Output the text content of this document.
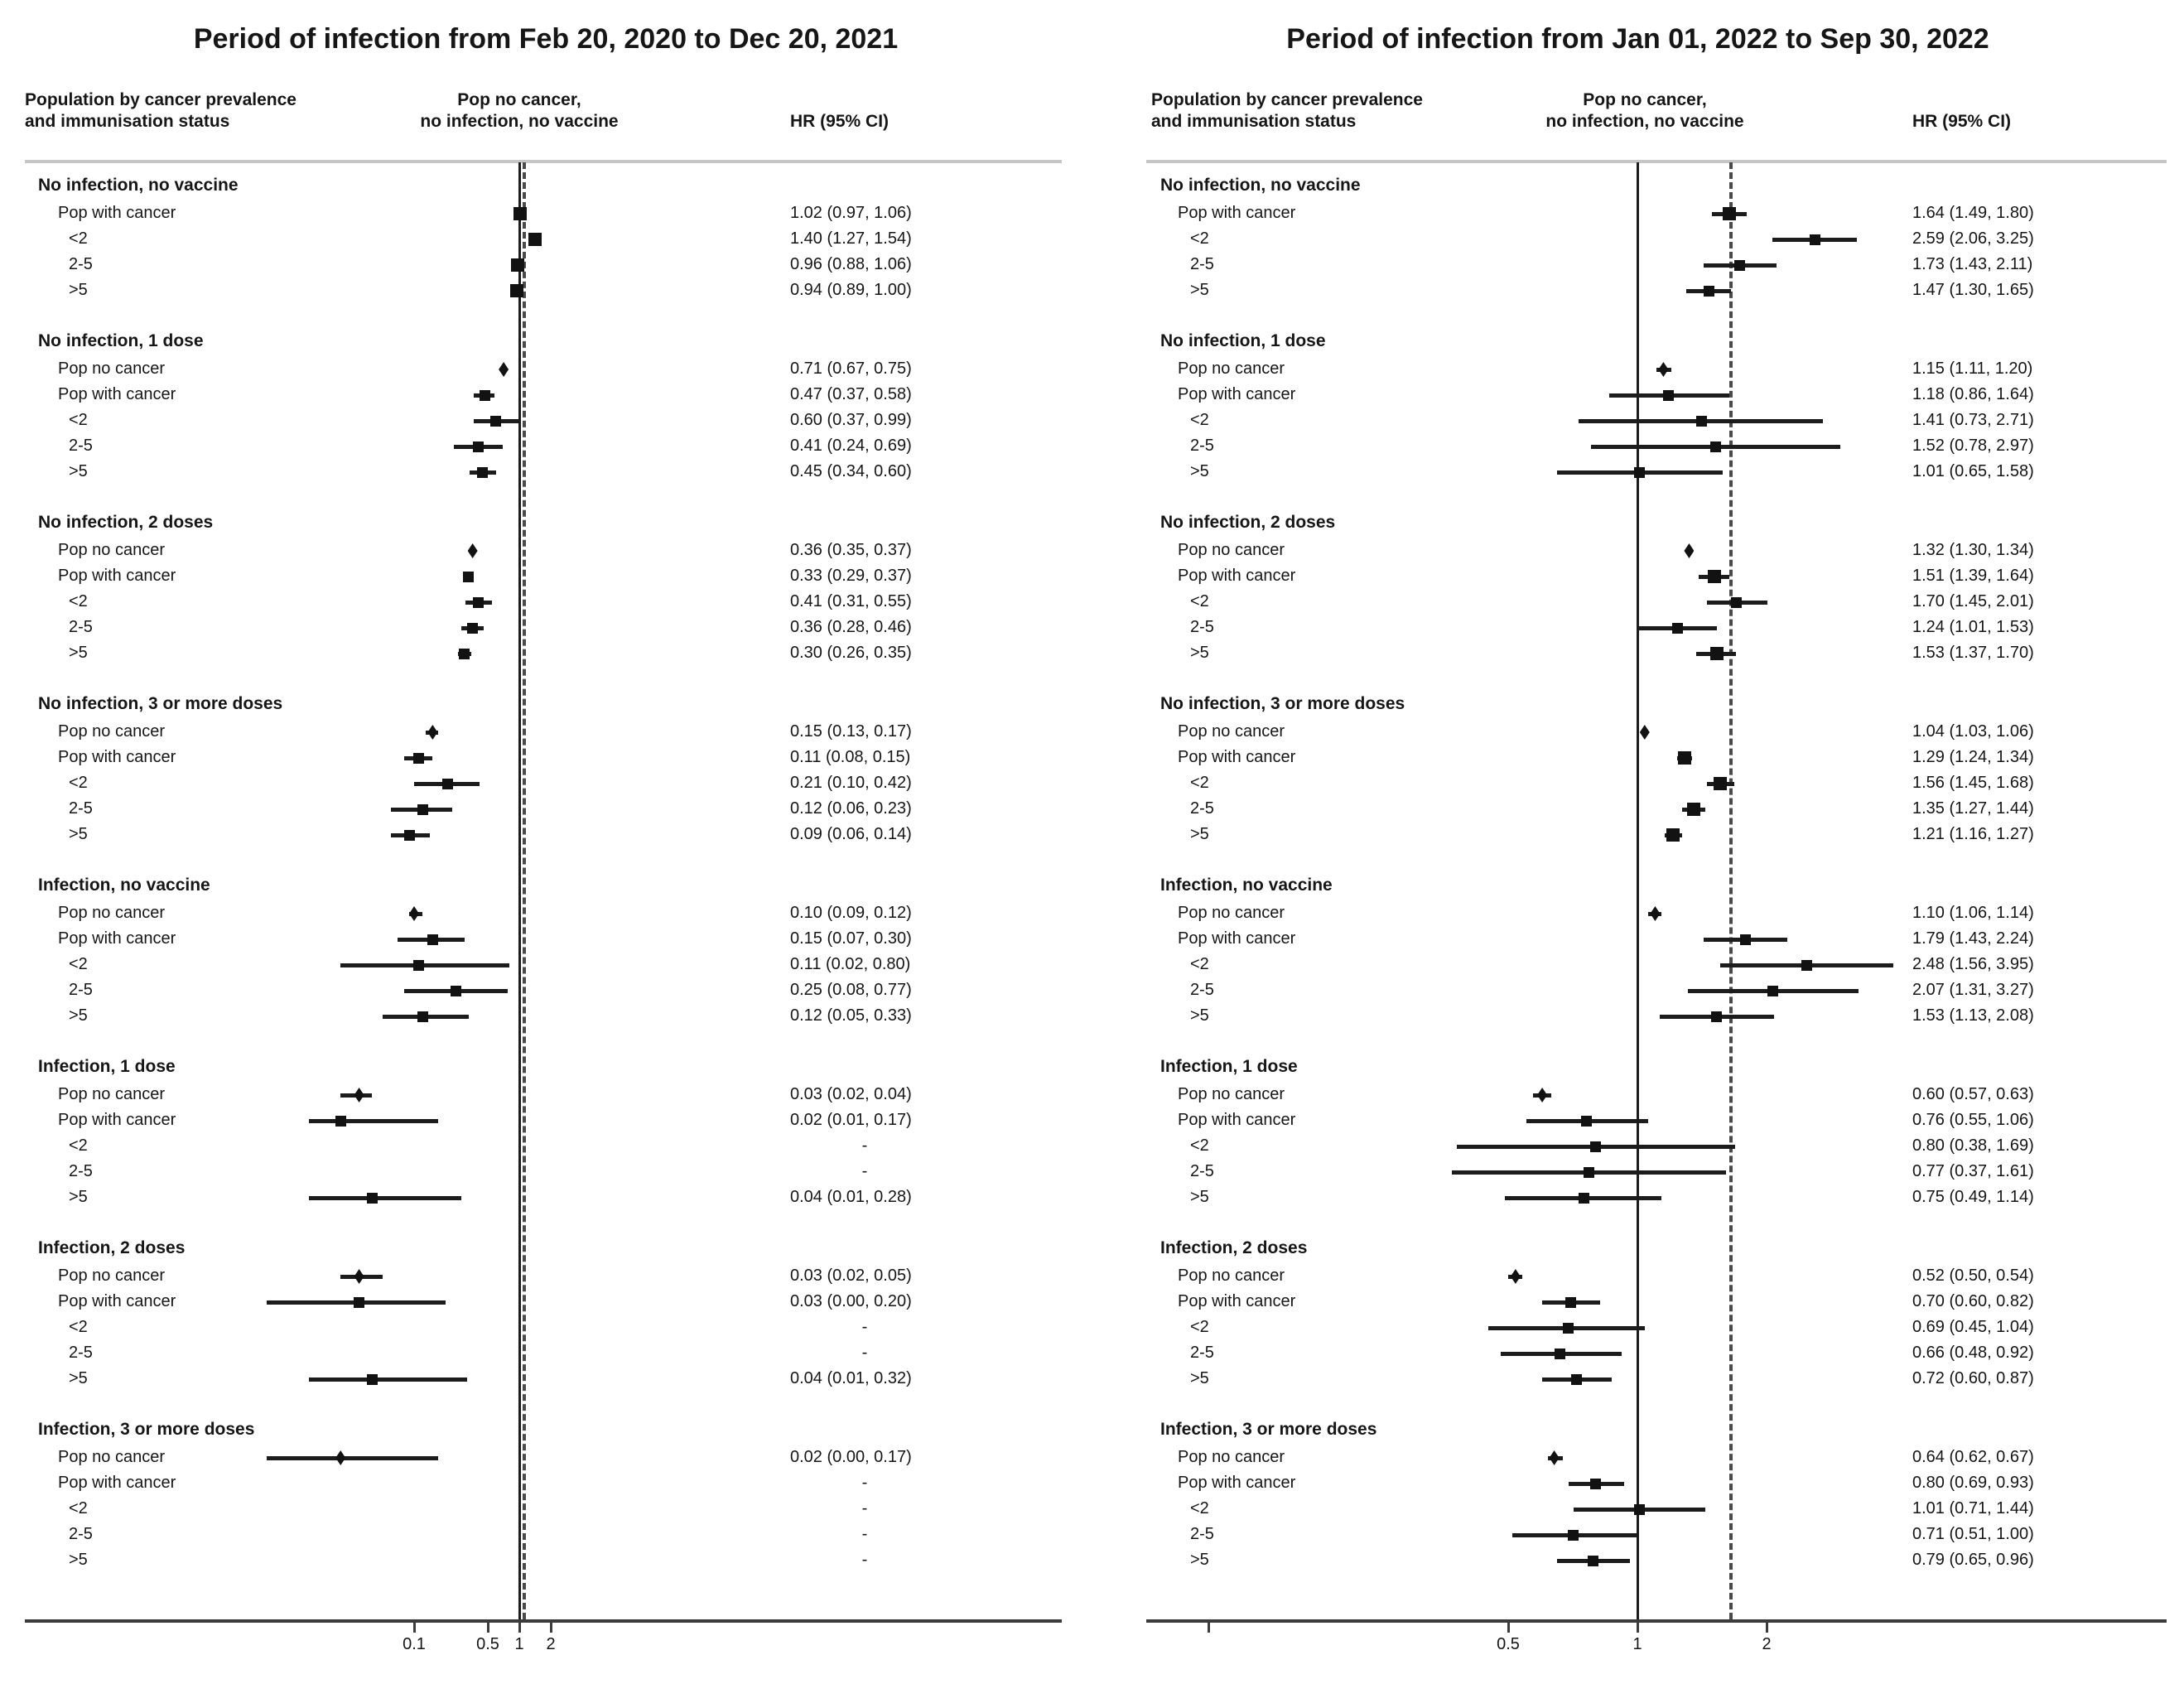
Period of infection from Feb 20, 2020 to Dec 20, 2021
Population by cancer prevalence
and immunisation status
Pop no cancer,
no infection, no vaccine	HR (95% CI)
No infection, no vaccine
Pop with cancer	1.02 (0.97, 1.06)
<2	1.40 (1.27, 1.54)
2-5	0.96 (0.88, 1.06)
>5	0.94 (0.89, 1.00)
No infection, 1 dose
Pop no cancer	0.71 (0.67, 0.75)
Pop with cancer	0.47 (0.37, 0.58)
<2	0.60 (0.37, 0.99)
2-5	0.41 (0.24, 0.69)
>5	0.45 (0.34, 0.60)
No infection, 2 doses
Pop no cancer	0.36 (0.35, 0.37)
Pop with cancer	0.33 (0.29, 0.37)
<2	0.41 (0.31, 0.55)
2-5	0.36 (0.28, 0.46)
>5	0.30 (0.26, 0.35)
No infection, 3 or more doses
Pop no cancer	0.15 (0.13, 0.17)
Pop with cancer	0.11 (0.08, 0.15)
<2	0.21 (0.10, 0.42)
2-5	0.12 (0.06, 0.23)
>5	0.09 (0.06, 0.14)
Infection, no vaccine
Pop no cancer	0.10 (0.09, 0.12)
Pop with cancer	0.15 (0.07, 0.30)
<2	0.11 (0.02, 0.80)
2-5	0.25 (0.08, 0.77)
>5	0.12 (0.05, 0.33)
Infection, 1 dose
Pop no cancer	0.03 (0.02, 0.04)
Pop with cancer	0.02 (0.01, 0.17)
<2	-
2-5	-
>5	0.04 (0.01, 0.28)
Infection, 2 doses
Pop no cancer	0.03 (0.02, 0.05)
Pop with cancer	0.03 (0.00, 0.20)
<2	-
2-5	-
>5	0.04 (0.01, 0.32)
Infection, 3 or more doses
Pop no cancer	0.02 (0.00, 0.17)
Pop with cancer	-
<2	-
2-5	-
>5	-
0.1	0.5 1 2
Period of infection from Jan 01, 2022 to Sep 30, 2022
Population by cancer prevalence
and immunisation status
Pop no cancer,
no infection, no vaccine	HR (95% CI)
No infection, no vaccine
Pop with cancer	1.64 (1.49, 1.80)
<2	2.59 (2.06, 3.25)
2-5	1.73 (1.43, 2.11)
>5	1.47 (1.30, 1.65)
No infection, 1 dose
Pop no cancer	1.15 (1.11, 1.20)
Pop with cancer	1.18 (0.86, 1.64)
<2	1.41 (0.73, 2.71)
2-5	1.52 (0.78, 2.97)
>5	1.01 (0.65, 1.58)
No infection, 2 doses
Pop no cancer	1.32 (1.30, 1.34)
Pop with cancer	1.51 (1.39, 1.64)
<2	1.70 (1.45, 2.01)
2-5	1.24 (1.01, 1.53)
>5	1.53 (1.37, 1.70)
No infection, 3 or more doses
Pop no cancer	1.04 (1.03, 1.06)
Pop with cancer	1.29 (1.24, 1.34)
<2	1.56 (1.45, 1.68)
2-5	1.35 (1.27, 1.44)
>5	1.21 (1.16, 1.27)
Infection, no vaccine
Pop no cancer	1.10 (1.06, 1.14)
Pop with cancer	1.79 (1.43, 2.24)
<2	2.48 (1.56, 3.95)
2-5	2.07 (1.31, 3.27)
>5	1.53 (1.13, 2.08)
Infection, 1 dose
Pop no cancer	0.60 (0.57, 0.63)
Pop with cancer	0.76 (0.55, 1.06)
<2	0.80 (0.38, 1.69)
2-5	0.77 (0.37, 1.61)
>5	0.75 (0.49, 1.14)
Infection, 2 doses
Pop no cancer	0.52 (0.50, 0.54)
Pop with cancer	0.70 (0.60, 0.82)
<2	0.69 (0.45, 1.04)
2-5	0.66 (0.48, 0.92)
>5	0.72 (0.60, 0.87)
Infection, 3 or more doses
Pop no cancer	0.64 (0.62, 0.67)
Pop with cancer	0.80 (0.69, 0.93)
<2	1.01 (0.71, 1.44)
2-5	0.71 (0.51, 1.00)
>5	0.79 (0.65, 0.96)
0.5	1	2
